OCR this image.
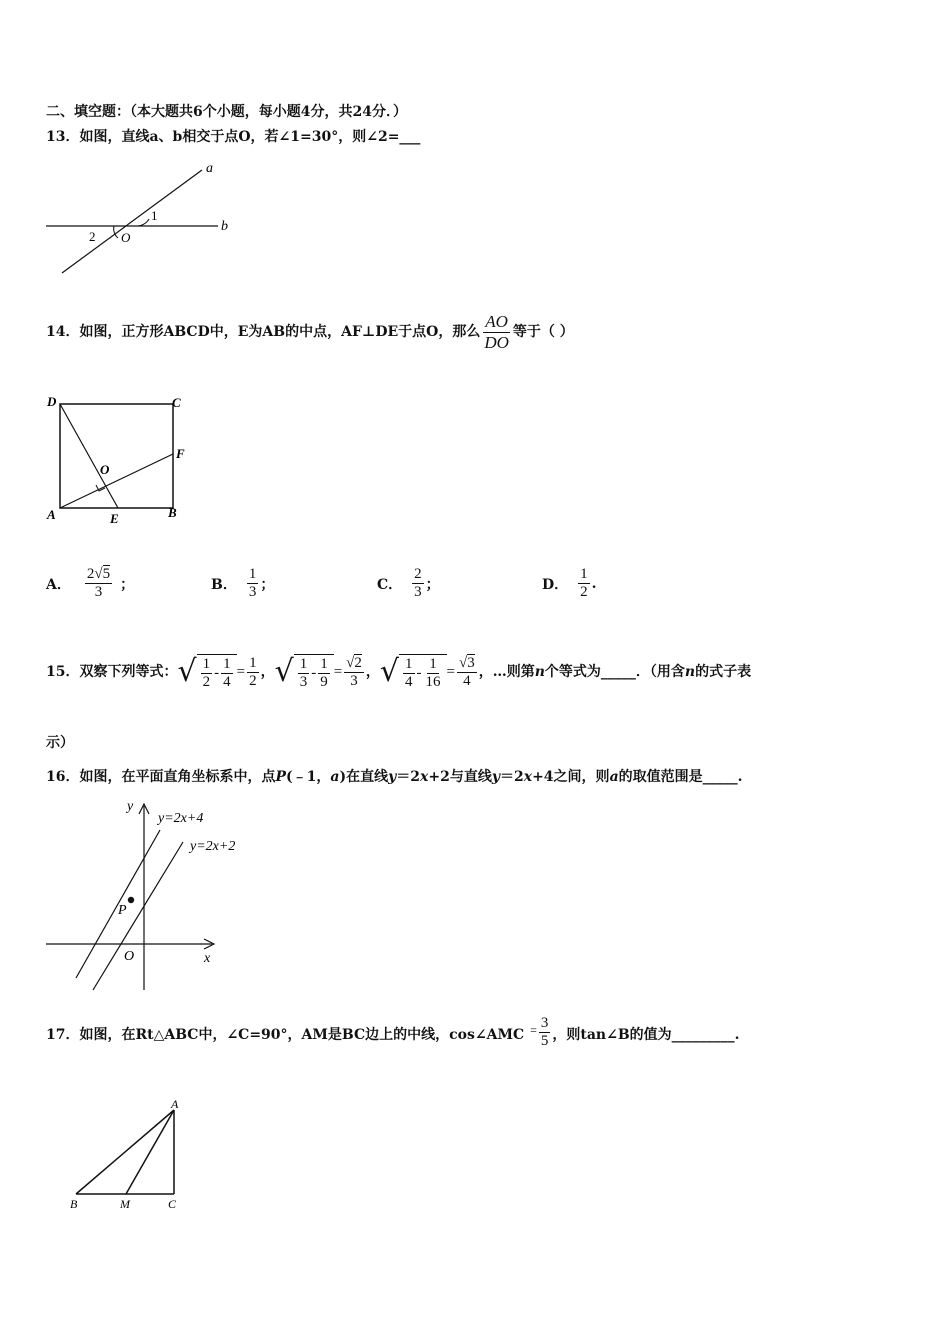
二、填空题：（本大题共6个小题，每小题4分，共24分．）
13．如图，直线a、b相交于点O，若∠1=30°，则∠2=___
a
b
1
2 O
14．如图，正方形ABCD中，E为AB的中点，AF⊥DE于点O，那么 $\frac{AO}{DO}$ 等于（ ）
D	C
F
O
A	E	B
A． $\frac{2√5}{3}$ ；	B． $\frac{1}{3}$ ；	C． $\frac{2}{3}$ ；	D． $\frac{1}{2}$ .
15．双察下列等式： √ $\frac{1}{2} - \frac{1}{4} = \frac{1}{2}$ ， √ $\frac{1}{3} - \frac{1}{9} = \frac{√2}{3}$ ， √ $\frac{1}{4} - \frac{1}{16} = \frac{√3}{4}$ ，…则第 n 个等式为_____．（用含 n 的式子表
示）
16．如图，在平面直角坐标系中，点P(﹣1，a)在直线y＝2x+2与直线y＝2x+4之间，则a的取值范围是_____.
y
x
O
P
y=2x+4
y=2x+2
17．如图，在Rt△ABC中，∠C=90°，AM是BC边上的中线，cos∠AMC = $\frac{3}{5}$ ，则tan∠B的值为_________.
A
B	M	C
